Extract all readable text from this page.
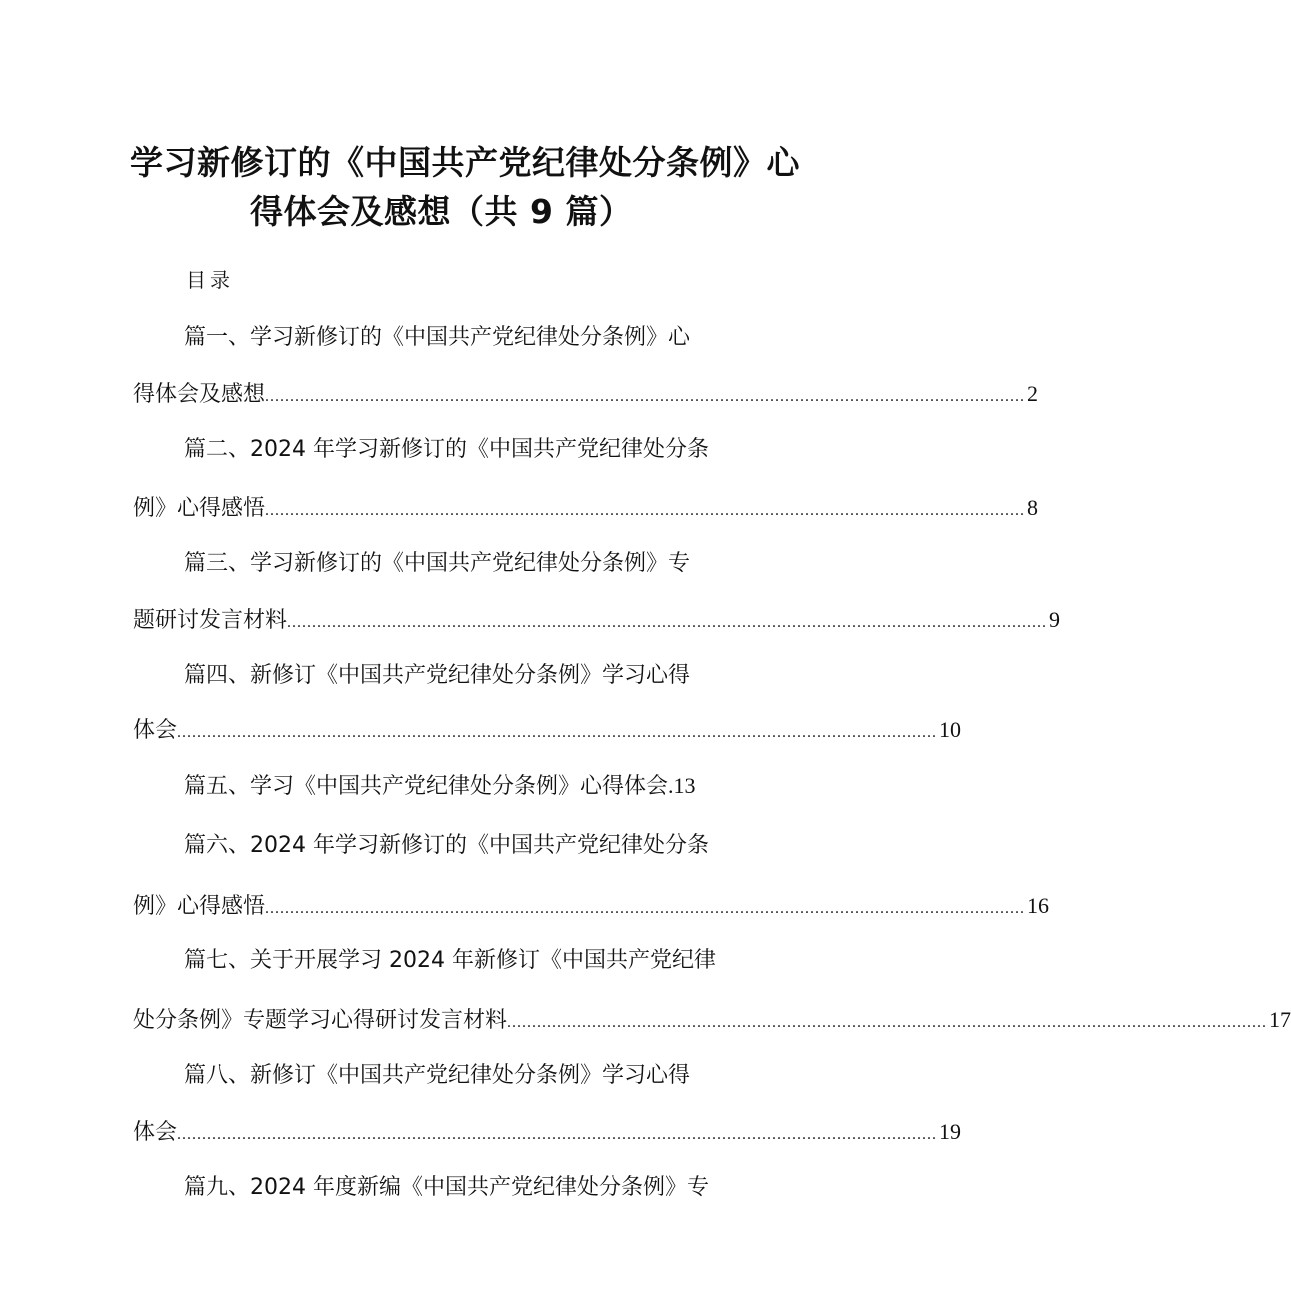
学习新修订的《中国共产党纪律处分条例》心
得体会及感想（共 9 篇）
目录
篇一、学习新修订的《中国共产党纪律处分条例》心
得体会及感想 ........................................................................................................................................................ 2
篇二、2024 年学习新修订的《中国共产党纪律处分条
例》心得感悟 ........................................................................................................................................................ 8
篇三、学习新修订的《中国共产党纪律处分条例》专
题研讨发言材料 ........................................................................................................................................................ 9
篇四、新修订《中国共产党纪律处分条例》学习心得
体会 ........................................................................................................................................................ 10
篇五、学习《中国共产党纪律处分条例》心得体会.13
篇六、2024 年学习新修订的《中国共产党纪律处分条
例》心得感悟 ........................................................................................................................................................ 16
篇七、关于开展学习 2024 年新修订《中国共产党纪律
处分条例》专题学习心得研讨发言材料 ........................................................................................................................................................ 17
篇八、新修订《中国共产党纪律处分条例》学习心得
体会 ........................................................................................................................................................ 19
篇九、2024 年度新编《中国共产党纪律处分条例》专
